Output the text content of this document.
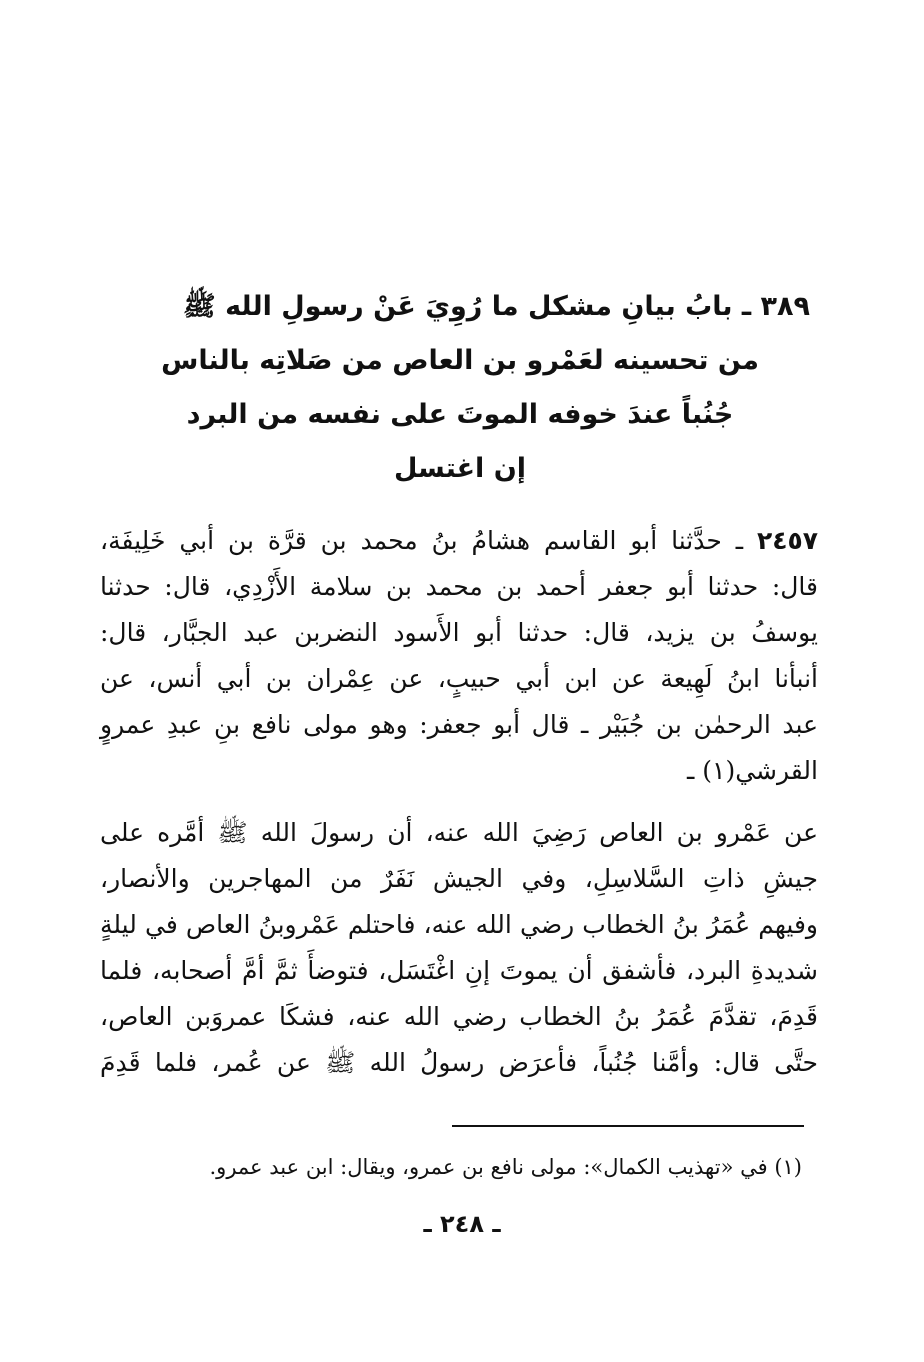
٣٨٩ ـ بابُ بيانِ مشكل ما رُوِيَ عَنْ رسولِ الله ﷺ
من تحسينه لعَمْرو بن العاص من صَلاتِه بالناس
جُنُباً عندَ خوفه الموتَ على نفسه من البرد
إن اغتسل
٢٤٥٧ ـ حدَّثنا أبو القاسم هشامُ بنُ محمد بن قرَّة بن أبي خَلِيفَة،
قال: حدثنا أبو جعفر أحمد بن محمد بن سلامة الأَزْدِي، قال: حدثنا
يوسفُ بن يزيد، قال: حدثنا أبو الأَسود النضربن عبد الجبَّار، قال:
أنبأنا ابنُ لَهِيعة عن ابن أبي حبيبٍ، عن عِمْران بن أبي أنس، عن
عبد الرحمٰن بن جُبَيْر ـ قال أبو جعفر: وهو مولى نافع بنِ عبدِ عمروٍ
القرشي(١) ـ
عن عَمْرو بن العاص رَضِيَ الله عنه، أن رسولَ الله ﷺ أمَّره على
جيشِ ذاتِ السَّلاسِلِ، وفي الجيش نَفَرٌ من المهاجرين والأنصار،
وفيهم عُمَرُ بنُ الخطاب رضي الله عنه، فاحتلم عَمْروبنُ العاص في ليلةٍ
شديدةِ البرد، فأشفق أن يموتَ إنِ اغْتَسَل، فتوضأَ ثمَّ أمَّ أصحابه، فلما
قَدِمَ، تقدَّمَ عُمَرُ بنُ الخطاب رضي الله عنه، فشكَا عمروَبن العاص،
حتَّى قال: وأمَّنا جُنُباً، فأعرَض رسولُ الله ﷺ عن عُمر، فلما قَدِمَ
(١) في «تهذيب الكمال»: مولى نافع بن عمرو، ويقال: ابن عبد عمرو.
ـ ٢٤٨ ـ
